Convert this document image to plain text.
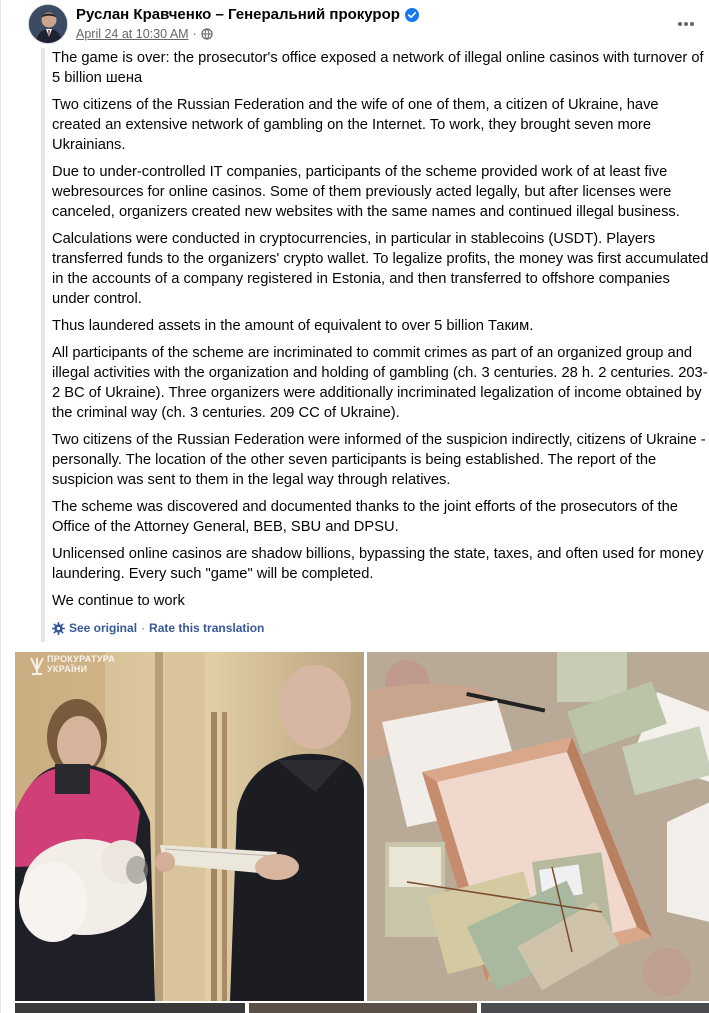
Руслан Кравченко – Генеральний прокурор
April 24 at 10:30 AM ·

The game is over: the prosecutor's office exposed a network of illegal online casinos with turnover of 5 billion шена

Two citizens of the Russian Federation and the wife of one of them, a citizen of Ukraine, have created an extensive network of gambling on the Internet. To work, they brought seven more Ukrainians.

Due to under-controlled IT companies, participants of the scheme provided work of at least five webresources for online casinos. Some of them previously acted legally, but after licenses were canceled, organizers created new websites with the same names and continued illegal business.

Calculations were conducted in cryptocurrencies, in particular in stablecoins (USDT). Players transferred funds to the organizers' crypto wallet. To legalize profits, the money was first accumulated in the accounts of a company registered in Estonia, and then transferred to offshore companies under control.

Thus laundered assets in the amount of equivalent to over 5 billion Таким.

All participants of the scheme are incriminated to commit crimes as part of an organized group and illegal activities with the organization and holding of gambling (ch. 3 centuries. 28 h. 2 centuries. 203-2 BC of Ukraine). Three organizers were additionally incriminated legalization of income obtained by the criminal way (ch. 3 centuries. 209 CC of Ukraine).

Two citizens of the Russian Federation were informed of the suspicion indirectly, citizens of Ukraine - personally. The location of the other seven participants is being established. The report of the suspicion was sent to them in the legal way through relatives.

The scheme was discovered and documented thanks to the joint efforts of the prosecutors of the Office of the Attorney General, BEB, SBU and DPSU.

Unlicensed online casinos are shadow billions, bypassing the state, taxes, and often used for money laundering. Every such "game" will be completed.

We continue to work

See original · Rate this translation
ПРОКУРАТУРА
УКРАЇНИ
